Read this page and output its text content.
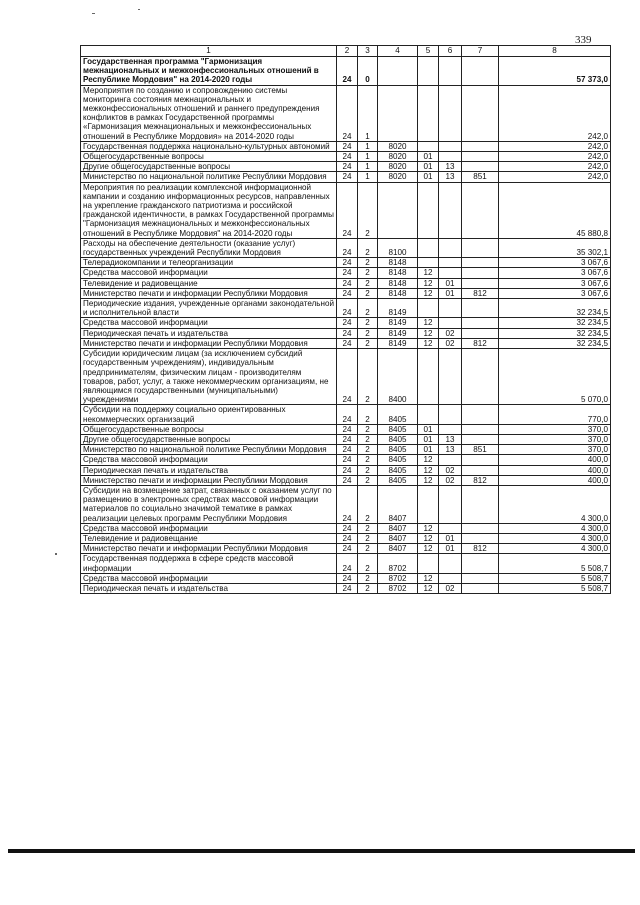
339
1	2	3	4	5	6	7	8
Государственная программа "Гармонизация межнациональных и межконфессиональных отношений в Республике Мордовия" на 2014-2020 годы	24	0					57 373,0
Мероприятия по созданию и сопровождению системы мониторинга состояния межнациональных и межконфессиональных отношений и раннего предупреждения конфликтов в рамках Государственной программы «Гармонизация межнациональных и межконфессиональных отношений в Республике Мордовия» на 2014-2020 годы	24	1					242,0
Государственная поддержка национально-культурных автономий	24	1	8020				242,0
Общегосударственные вопросы	24	1	8020	01			242,0
Другие общегосударственные вопросы	24	1	8020	01	13		242,0
Министерство по национальной политике Республики Мордовия	24	1	8020	01	13	851	242,0
Мероприятия по реализации комплексной информационной кампании и созданию информационных ресурсов, направленных на укрепление гражданского патриотизма и российской гражданской идентичности, в рамках Государственной программы "Гармонизация межнациональных и межконфессиональных отношений в Республике Мордовия" на 2014-2020 годы	24	2					45 880,8
Расходы на обеспечение деятельности (оказание услуг) государственных учреждений Республики Мордовия	24	2	8100				35 302,1
Телерадиокомпании и телеорганизации	24	2	8148				3 067,6
Средства массовой информации	24	2	8148	12			3 067,6
Телевидение и радиовещание	24	2	8148	12	01		3 067,6
Министерство печати и информации Республики Мордовия	24	2	8148	12	01	812	3 067,6
Периодические издания, учрежденные органами законодательной и исполнительной власти	24	2	8149				32 234,5
Средства массовой информации	24	2	8149	12			32 234,5
Периодическая печать и издательства	24	2	8149	12	02		32 234,5
Министерство печати и информации Республики Мордовия	24	2	8149	12	02	812	32 234,5
Субсидии юридическим лицам (за исключением субсидий государственным учреждениям), индивидуальным предпринимателям, физическим лицам - производителям товаров, работ, услуг, а также некоммерческим организациям, не являющимся государственными (муниципальными) учреждениями	24	2	8400				5 070,0
Субсидии на поддержку социально ориентированных некоммерческих организаций	24	2	8405				770,0
Общегосударственные вопросы	24	2	8405	01			370,0
Другие общегосударственные вопросы	24	2	8405	01	13		370,0
Министерство по национальной политике Республики Мордовия	24	2	8405	01	13	851	370,0
Средства массовой информации	24	2	8405	12			400,0
Периодическая печать и издательства	24	2	8405	12	02		400,0
Министерство печати и информации Республики Мордовия	24	2	8405	12	02	812	400,0
Субсидии на возмещение затрат, связанных с оказанием услуг по размещению в электронных средствах массовой информации материалов по социально значимой тематике в рамках реализации целевых программ Республики Мордовия	24	2	8407				4 300,0
Средства массовой информации	24	2	8407	12			4 300,0
Телевидение и радиовещание	24	2	8407	12	01		4 300,0
Министерство печати и информации Республики Мордовия	24	2	8407	12	01	812	4 300,0
Государственная поддержка в сфере средств массовой информации	24	2	8702				5 508,7
Средства массовой информации	24	2	8702	12			5 508,7
Периодическая печать и издательства	24	2	8702	12	02		5 508,7
